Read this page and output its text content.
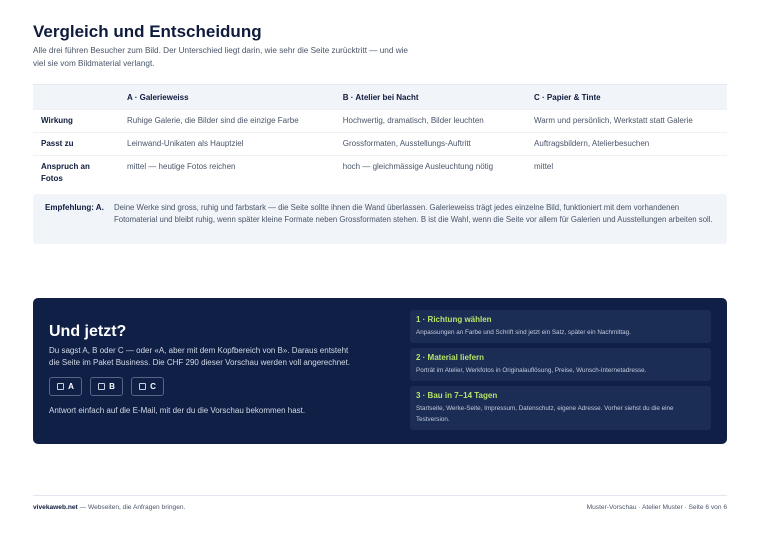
Vergleich und Entscheidung
Alle drei führen Besucher zum Bild. Der Unterschied liegt darin, wie sehr die Seite zurücktritt — und wie viel sie vom Bildmaterial verlangt.
	A · Galerieweiss	B · Atelier bei Nacht	C · Papier & Tinte
Wirkung	Ruhige Galerie, die Bilder sind die einzige Farbe	Hochwertig, dramatisch, Bilder leuchten	Warm und persönlich, Werkstatt statt Galerie
Passt zu	Leinwand-Unikaten als Hauptziel	Grossformaten, Ausstellungs-Auftritt	Auftragsbildern, Atelierbesuchen
Anspruch an Fotos	mittel — heutige Fotos reichen	hoch — gleichmässige Ausleuchtung nötig	mittel
Empfehlung: A. Deine Werke sind gross, ruhig und farbstark — die Seite sollte ihnen die Wand überlassen. Galerieweiss trägt jedes einzelne Bild, funktioniert mit dem vorhandenen Fotomaterial und bleibt ruhig, wenn später kleine Formate neben Grossformaten stehen. B ist die Wahl, wenn die Seite vor allem für Galerien und Ausstellungen arbeiten soll.
Und jetzt?
Du sagst A, B oder C — oder «A, aber mit dem Kopfbereich von B». Daraus entsteht die Seite im Paket Business. Die CHF 290 dieser Vorschau werden voll angerechnet.
A	B	C
Antwort einfach auf die E-Mail, mit der du die Vorschau bekommen hast.
1 · Richtung wählen
Anpassungen an Farbe und Schrift sind jetzt ein Satz, später ein Nachmittag.
2 · Material liefern
Porträt im Atelier, Werkfotos in Originalauflösung, Preise, Wunsch-Internetadresse.
3 · Bau in 7–14 Tagen
Startseite, Werke-Seite, Impressum, Datenschutz, eigene Adresse. Vorher siehst du die eine Testversion.
vivekaweb.net — Webseiten, die Anfragen bringen.	Muster-Vorschau · Atelier Muster · Seite 6 von 6
